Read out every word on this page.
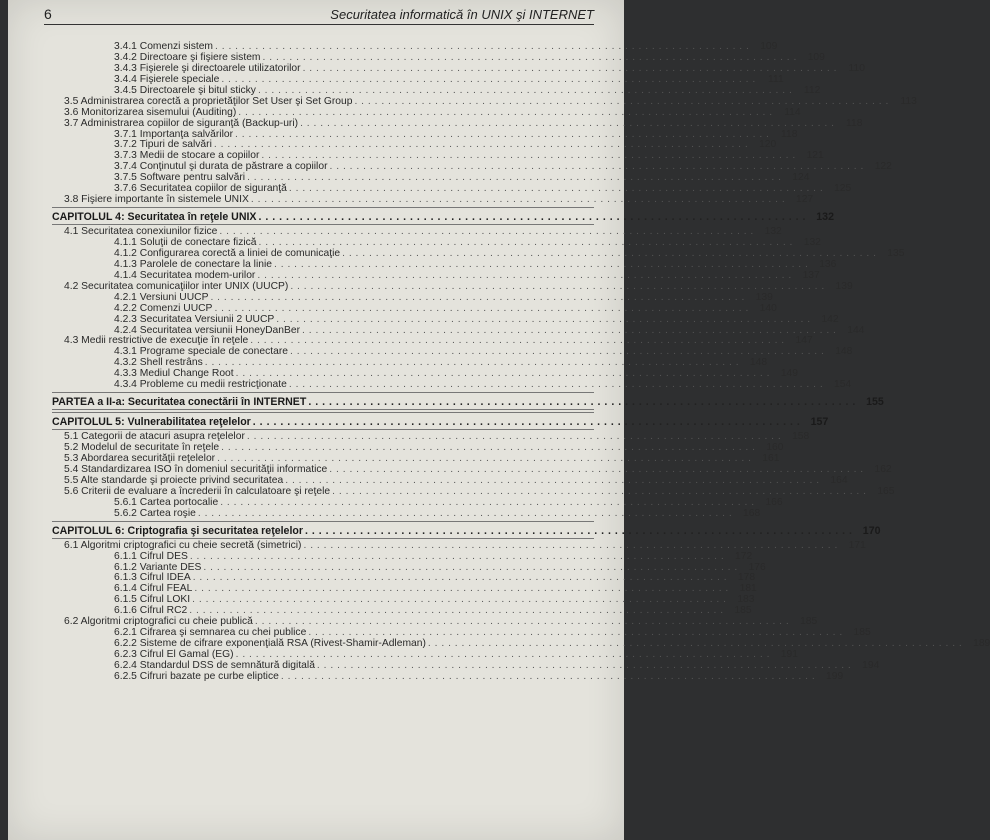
6	Securitatea informatică în UNIX şi INTERNET
3.4.1 Comenzi sistem . . . . . . . . . . . . . . . . . . . . . . . . . . . . . . . . . . . . . . . . . . . . . . . . . . . . . . . . . . . . . . . . . . . . . . . . . . . . . . . .	109
3.4.2 Directoare şi fişiere sistem . . . . . . . . . . . . . . . . . . . . . . . . . . . . . . . . . . . . . . . . . . . . . . . . . . . . . . . . . . . . . . . . . . . . . . . . . . . . . . . .	109
3.4.3 Fişierele şi directoarele utilizatorilor . . . . . . . . . . . . . . . . . . . . . . . . . . . . . . . . . . . . . . . . . . . . . . . . . . . . . . . . . . . . . . . . . . . . . . . . . . . . . . . .	110
3.4.4 Fişierele speciale . . . . . . . . . . . . . . . . . . . . . . . . . . . . . . . . . . . . . . . . . . . . . . . . . . . . . . . . . . . . . . . . . . . . . . . . . . . . . . . .	111
3.4.5 Directoarele şi bitul sticky . . . . . . . . . . . . . . . . . . . . . . . . . . . . . . . . . . . . . . . . . . . . . . . . . . . . . . . . . . . . . . . . . . . . . . . . . . . . . . . .	112
3.5 Administrarea corectă a proprietăţilor Set User şi Set Group . . . . . . . . . . . . . . . . . . . . . . . . . . . . . . . . . . . . . . . . . . . . . . . . . . . . . . . . . . . . . . . . . . . . . . . . . . . . . . . .	113
3.6 Monitorizarea sisemului (Auditing) . . . . . . . . . . . . . . . . . . . . . . . . . . . . . . . . . . . . . . . . . . . . . . . . . . . . . . . . . . . . . . . . . . . . . . . . . . . . . . . .	114
3.7 Administrarea copiilor de siguranţă (Backup-uri) . . . . . . . . . . . . . . . . . . . . . . . . . . . . . . . . . . . . . . . . . . . . . . . . . . . . . . . . . . . . . . . . . . . . . . . . . . . . . . . .	118
3.7.1 Importanţa salvărilor . . . . . . . . . . . . . . . . . . . . . . . . . . . . . . . . . . . . . . . . . . . . . . . . . . . . . . . . . . . . . . . . . . . . . . . . . . . . . . . .	118
3.7.2 Tipuri de salvări . . . . . . . . . . . . . . . . . . . . . . . . . . . . . . . . . . . . . . . . . . . . . . . . . . . . . . . . . . . . . . . . . . . . . . . . . . . . . . . .	120
3.7.3 Medii de stocare a copiilor . . . . . . . . . . . . . . . . . . . . . . . . . . . . . . . . . . . . . . . . . . . . . . . . . . . . . . . . . . . . . . . . . . . . . . . . . . . . . . . .	121
3.7.4 Conţinutul şi durata de păstrare a copiilor . . . . . . . . . . . . . . . . . . . . . . . . . . . . . . . . . . . . . . . . . . . . . . . . . . . . . . . . . . . . . . . . . . . . . . . . . . . . . . . .	122
3.7.5 Software pentru salvări . . . . . . . . . . . . . . . . . . . . . . . . . . . . . . . . . . . . . . . . . . . . . . . . . . . . . . . . . . . . . . . . . . . . . . . . . . . . . . . .	124
3.7.6 Securitatea copiilor de siguranţă . . . . . . . . . . . . . . . . . . . . . . . . . . . . . . . . . . . . . . . . . . . . . . . . . . . . . . . . . . . . . . . . . . . . . . . . . . . . . . . .	125
3.8 Fişiere importante în sistemele UNIX . . . . . . . . . . . . . . . . . . . . . . . . . . . . . . . . . . . . . . . . . . . . . . . . . . . . . . . . . . . . . . . . . . . . . . . . . . . . . . . .	127
CAPITOLUL 4: Securitatea în reţele UNIX . . . . . . . . . . . . . . . . . . . . . . . . . . . . . . . . . . . . . . . . . . . . . . . . . . . . . . . . . . . . . . . . . . . . . . . . . . . . . . . . 132
4.1 Securitatea conexiunilor fizice . . . . . . . . . . . . . . . . . . . . . . . . . . . . . . . . . . . . . . . . . . . . . . . . . . . . . . . . . . . . . . . . . . . . . . . . . . . . . . . .	132
4.1.1 Soluţii de conectare fizică . . . . . . . . . . . . . . . . . . . . . . . . . . . . . . . . . . . . . . . . . . . . . . . . . . . . . . . . . . . . . . . . . . . . . . . . . . . . . . . .	132
4.1.2 Configurarea corectă a liniei de comunicaţie . . . . . . . . . . . . . . . . . . . . . . . . . . . . . . . . . . . . . . . . . . . . . . . . . . . . . . . . . . . . . . . . . . . . . . . . . . . . . . . .	135
4.1.3 Parolele de conectare la linie . . . . . . . . . . . . . . . . . . . . . . . . . . . . . . . . . . . . . . . . . . . . . . . . . . . . . . . . . . . . . . . . . . . . . . . . . . . . . . . .	136
4.1.4 Securitatea modem-urilor . . . . . . . . . . . . . . . . . . . . . . . . . . . . . . . . . . . . . . . . . . . . . . . . . . . . . . . . . . . . . . . . . . . . . . . . . . . . . . . .	137
4.2 Securitatea comunicaţiilor inter UNIX (UUCP) . . . . . . . . . . . . . . . . . . . . . . . . . . . . . . . . . . . . . . . . . . . . . . . . . . . . . . . . . . . . . . . . . . . . . . . . . . . . . . . .	139
4.2.1 Versiuni UUCP . . . . . . . . . . . . . . . . . . . . . . . . . . . . . . . . . . . . . . . . . . . . . . . . . . . . . . . . . . . . . . . . . . . . . . . . . . . . . . . .	139
4.2.2 Comenzi UUCP . . . . . . . . . . . . . . . . . . . . . . . . . . . . . . . . . . . . . . . . . . . . . . . . . . . . . . . . . . . . . . . . . . . . . . . . . . . . . . . .	140
4.2.3 Securitatea Versiunii 2 UUCP . . . . . . . . . . . . . . . . . . . . . . . . . . . . . . . . . . . . . . . . . . . . . . . . . . . . . . . . . . . . . . . . . . . . . . . . . . . . . . . .	142
4.2.4 Securitatea versiunii HoneyDanBer . . . . . . . . . . . . . . . . . . . . . . . . . . . . . . . . . . . . . . . . . . . . . . . . . . . . . . . . . . . . . . . . . . . . . . . . . . . . . . . .	144
4.3 Medii restrictive de execuţie în reţele . . . . . . . . . . . . . . . . . . . . . . . . . . . . . . . . . . . . . . . . . . . . . . . . . . . . . . . . . . . . . . . . . . . . . . . . . . . . . . . .	147
4.3.1 Programe speciale de conectare . . . . . . . . . . . . . . . . . . . . . . . . . . . . . . . . . . . . . . . . . . . . . . . . . . . . . . . . . . . . . . . . . . . . . . . . . . . . . . . .	148
4.3.2 Shell restrâns . . . . . . . . . . . . . . . . . . . . . . . . . . . . . . . . . . . . . . . . . . . . . . . . . . . . . . . . . . . . . . . . . . . . . . . . . . . . . . . .	148
4.3.3 Mediul Change Root . . . . . . . . . . . . . . . . . . . . . . . . . . . . . . . . . . . . . . . . . . . . . . . . . . . . . . . . . . . . . . . . . . . . . . . . . . . . . . . .	149
4.3.4 Probleme cu medii restricţionate . . . . . . . . . . . . . . . . . . . . . . . . . . . . . . . . . . . . . . . . . . . . . . . . . . . . . . . . . . . . . . . . . . . . . . . . . . . . . . . .	154
PARTEA a II-a: Securitatea conectării în INTERNET . . . . . . . . . . . . . . . . . . . . . . . . . . . . . . . . . . . . . . . . . . . . . . . . . . . . . . . . . . . . . . . . . . . . . . . . . . . . . . . . 155
CAPITOLUL 5: Vulnerabilitatea reţelelor . . . . . . . . . . . . . . . . . . . . . . . . . . . . . . . . . . . . . . . . . . . . . . . . . . . . . . . . . . . . . . . . . . . . . . . . . . . . . . . . 157
5.1 Categorii de atacuri asupra reţelelor . . . . . . . . . . . . . . . . . . . . . . . . . . . . . . . . . . . . . . . . . . . . . . . . . . . . . . . . . . . . . . . . . . . . . . . . . . . . . . . .	158
5.2 Modelul de securitate în reţele . . . . . . . . . . . . . . . . . . . . . . . . . . . . . . . . . . . . . . . . . . . . . . . . . . . . . . . . . . . . . . . . . . . . . . . . . . . . . . . .	160
5.3 Abordarea securităţii reţelelor . . . . . . . . . . . . . . . . . . . . . . . . . . . . . . . . . . . . . . . . . . . . . . . . . . . . . . . . . . . . . . . . . . . . . . . . . . . . . . . .	161
5.4 Standardizarea ISO în domeniul securităţii informatice . . . . . . . . . . . . . . . . . . . . . . . . . . . . . . . . . . . . . . . . . . . . . . . . . . . . . . . . . . . . . . . . . . . . . . . . . . . . . . . .	162
5.5 Alte standarde şi proiecte privind securitatea . . . . . . . . . . . . . . . . . . . . . . . . . . . . . . . . . . . . . . . . . . . . . . . . . . . . . . . . . . . . . . . . . . . . . . . . . . . . . . . .	164
5.6 Criterii de evaluare a încrederii în calculatoare şi reţele . . . . . . . . . . . . . . . . . . . . . . . . . . . . . . . . . . . . . . . . . . . . . . . . . . . . . . . . . . . . . . . . . . . . . . . . . . . . . . . .	165
5.6.1 Cartea portocalie . . . . . . . . . . . . . . . . . . . . . . . . . . . . . . . . . . . . . . . . . . . . . . . . . . . . . . . . . . . . . . . . . . . . . . . . . . . . . . . .	166
5.6.2 Cartea roşie . . . . . . . . . . . . . . . . . . . . . . . . . . . . . . . . . . . . . . . . . . . . . . . . . . . . . . . . . . . . . . . . . . . . . . . . . . . . . . . .	168
CAPITOLUL 6: Criptografia şi securitatea reţelelor . . . . . . . . . . . . . . . . . . . . . . . . . . . . . . . . . . . . . . . . . . . . . . . . . . . . . . . . . . . . . . . . . . . . . . . . . . . . . . . . 170
6.1 Algoritmi criptografici cu cheie secretă (simetrici) . . . . . . . . . . . . . . . . . . . . . . . . . . . . . . . . . . . . . . . . . . . . . . . . . . . . . . . . . . . . . . . . . . . . . . . . . . . . . . . .	171
6.1.1 Cifrul DES . . . . . . . . . . . . . . . . . . . . . . . . . . . . . . . . . . . . . . . . . . . . . . . . . . . . . . . . . . . . . . . . . . . . . . . . . . . . . . . .	172
6.1.2 Variante DES . . . . . . . . . . . . . . . . . . . . . . . . . . . . . . . . . . . . . . . . . . . . . . . . . . . . . . . . . . . . . . . . . . . . . . . . . . . . . . . .	176
6.1.3 Cifrul IDEA . . . . . . . . . . . . . . . . . . . . . . . . . . . . . . . . . . . . . . . . . . . . . . . . . . . . . . . . . . . . . . . . . . . . . . . . . . . . . . . .	178
6.1.4 Cifrul FEAL . . . . . . . . . . . . . . . . . . . . . . . . . . . . . . . . . . . . . . . . . . . . . . . . . . . . . . . . . . . . . . . . . . . . . . . . . . . . . . . .	181
6.1.5 Cifrul LOKI . . . . . . . . . . . . . . . . . . . . . . . . . . . . . . . . . . . . . . . . . . . . . . . . . . . . . . . . . . . . . . . . . . . . . . . . . . . . . . . .	183
6.1.6 Cifrul RC2 . . . . . . . . . . . . . . . . . . . . . . . . . . . . . . . . . . . . . . . . . . . . . . . . . . . . . . . . . . . . . . . . . . . . . . . . . . . . . . . .	185
6.2 Algoritmi criptografici cu cheie publică . . . . . . . . . . . . . . . . . . . . . . . . . . . . . . . . . . . . . . . . . . . . . . . . . . . . . . . . . . . . . . . . . . . . . . . . . . . . . . . .	185
6.2.1 Cifrarea şi semnarea cu chei publice . . . . . . . . . . . . . . . . . . . . . . . . . . . . . . . . . . . . . . . . . . . . . . . . . . . . . . . . . . . . . . . . . . . . . . . . . . . . . . . .	185
6.2.2 Sisteme de cifrare exponenţială RSA (Rivest-Shamir-Adleman) . . . . . . . . . . . . . . . . . . . . . . . . . . . . . . . . . . . . . . . . . . . . . . . . . . . . . . . . . . . . . . . . . . . . . . . . . . . . . . . .	189
6.2.3 Cifrul El Gamal (EG) . . . . . . . . . . . . . . . . . . . . . . . . . . . . . . . . . . . . . . . . . . . . . . . . . . . . . . . . . . . . . . . . . . . . . . . . . . . . . . . .	191
6.2.4 Standardul DSS de semnătură digitală . . . . . . . . . . . . . . . . . . . . . . . . . . . . . . . . . . . . . . . . . . . . . . . . . . . . . . . . . . . . . . . . . . . . . . . . . . . . . . . .	194
6.2.5 Cifruri bazate pe curbe eliptice . . . . . . . . . . . . . . . . . . . . . . . . . . . . . . . . . . . . . . . . . . . . . . . . . . . . . . . . . . . . . . . . . . . . . . . . . . . . . . . .	199
